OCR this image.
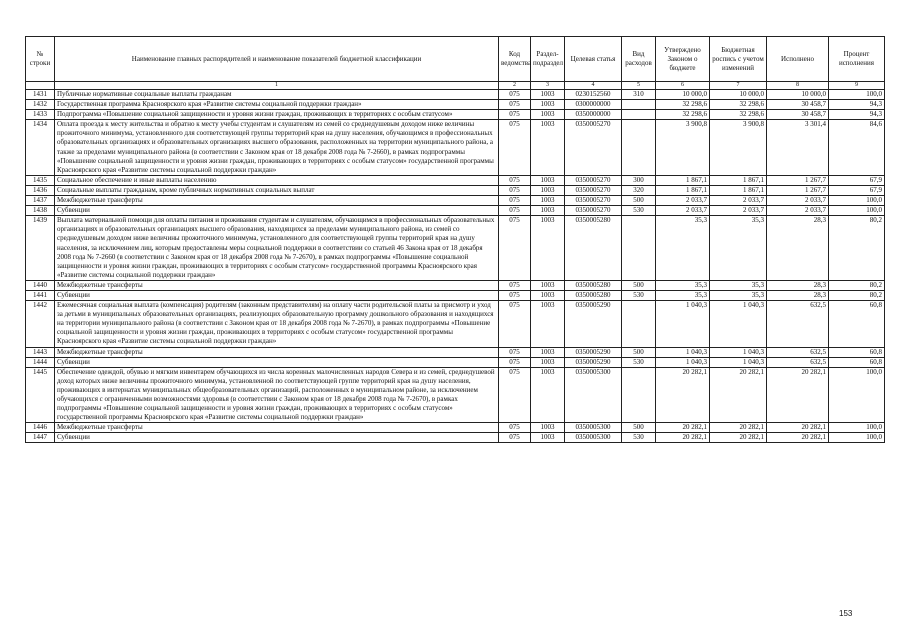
№ строки	Наименование главных распорядителей и наименование показателей бюджетной классификации	Код ведомства	Раздел-подраздел	Целевая статья	Вид расходов	Утверждено Законом о бюджете	Бюджетная роспись с учетом изменений	Исполнено	Процент исполнения
	1	2	3	4	5	6	7	8	9
1431	Публичные нормативные социальные выплаты гражданам	075	1003	0230152560	310	10 000,0	10 000,0	10 000,0	100,0
1432	Государственная программа Красноярского края «Развитие системы социальной поддержки граждан»	075	1003	0300000000		32 298,6	32 298,6	30 458,7	94,3
1433	Подпрограмма «Повышение социальной защищенности и уровня жизни граждан, проживающих в территориях с особым статусом»	075	1003	0350000000		32 298,6	32 298,6	30 458,7	94,3
1434	Оплата проезда к месту жительства и обратно к месту учебы студентам и слушателям из семей со среднедушевым доходом ниже величины прожиточного минимума, установленного для соответствующей группы территорий края на душу населения, обучающимся в профессиональных образовательных организациях и образовательных организациях высшего образования, расположенных на территории муниципального района, а также за пределами муниципального района (в соответствии с Законом края от 18 декабря 2008 года № 7-2660), в рамках подпрограммы «Повышение социальной защищенности и уровня жизни граждан, проживающих в территориях с особым статусом» государственной программы Красноярского края «Развитие системы социальной поддержки граждан»	075	1003	0350005270		3 900,8	3 900,8	3 301,4	84,6
1435	Социальное обеспечение и иные выплаты населению	075	1003	0350005270	300	1 867,1	1 867,1	1 267,7	67,9
1436	Социальные выплаты гражданам, кроме публичных нормативных социальных выплат	075	1003	0350005270	320	1 867,1	1 867,1	1 267,7	67,9
1437	Межбюджетные трансферты	075	1003	0350005270	500	2 033,7	2 033,7	2 033,7	100,0
1438	Субвенции	075	1003	0350005270	530	2 033,7	2 033,7	2 033,7	100,0
1439	Выплата материальной помощи для оплаты питания и проживания студентам и слушателям, обучающимся в профессиональных образовательных организациях и образовательных организациях высшего образования, находящихся за пределами муниципального района, из семей со среднедушевым доходом ниже величины прожиточного минимума, установленного для соответствующей группы территорий края на душу населения, за исключением лиц, которым предоставлены меры социальной поддержки в соответствии со статьей 46 Закона края от 18 декабря 2008 года № 7-2660 (в соответствии с Законом края от 18 декабря 2008 года № 7-2670), в рамках подпрограммы «Повышение социальной защищенности и уровня жизни граждан, проживающих в территориях с особым статусом» государственной программы Красноярского края «Развитие системы социальной поддержки граждан»	075	1003	0350005280		35,3	35,3	28,3	80,2
1440	Межбюджетные трансферты	075	1003	0350005280	500	35,3	35,3	28,3	80,2
1441	Субвенции	075	1003	0350005280	530	35,3	35,3	28,3	80,2
1442	Ежемесячная социальная выплата (компенсация) родителям (законным представителям) на оплату части родительской платы за присмотр и уход за детьми в муниципальных образовательных организациях, реализующих образовательную программу дошкольного образования и находящихся на территории муниципального района (в соответствии с Законом края от 18 декабря 2008 года № 7-2670), в рамках подпрограммы «Повышение социальной защищенности и уровня жизни граждан, проживающих в территориях с особым статусом» государственной программы Красноярского края «Развитие системы социальной поддержки граждан»	075	1003	0350005290		1 040,3	1 040,3	632,5	60,8
1443	Межбюджетные трансферты	075	1003	0350005290	500	1 040,3	1 040,3	632,5	60,8
1444	Субвенции	075	1003	0350005290	530	1 040,3	1 040,3	632,5	60,8
1445	Обеспечение одеждой, обувью и мягким инвентарем обучающихся из числа коренных малочисленных народов Севера и из семей, среднедушевой доход которых ниже величины прожиточного минимума, установленной по соответствующей группе территорий края на душу населения, проживающих в интернатах муниципальных общеобразовательных организаций, расположенных в муниципальном районе, за исключением обучающихся с ограниченными возможностями здоровья (в соответствии с Законом края от 18 декабря 2008 года № 7-2670), в рамках подпрограммы «Повышение социальной защищенности и уровня жизни граждан, проживающих в территориях с особым статусом» государственной программы Красноярского края «Развитие системы социальной поддержки граждан»	075	1003	0350005300		20 282,1	20 282,1	20 282,1	100,0
1446	Межбюджетные трансферты	075	1003	0350005300	500	20 282,1	20 282,1	20 282,1	100,0
1447	Субвенции	075	1003	0350005300	530	20 282,1	20 282,1	20 282,1	100,0
153
